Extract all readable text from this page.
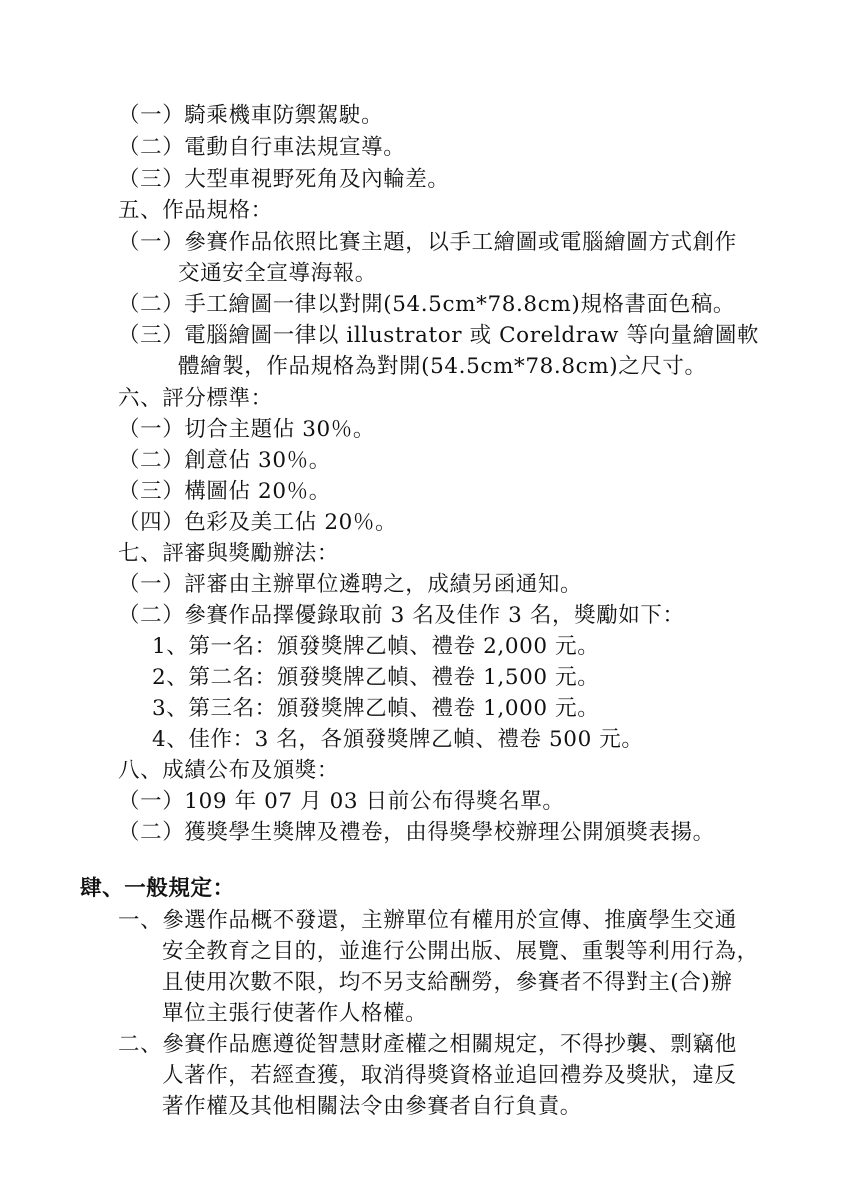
（一）騎乘機車防禦駕駛。
（二）電動自行車法規宣導。
（三）大型車視野死角及內輪差。
五、作品規格：
（一）參賽作品依照比賽主題，以手工繪圖或電腦繪圖方式創作
交通安全宣導海報。
（二）手工繪圖一律以對開(54.5cm*78.8cm)規格書面色稿。
（三）電腦繪圖一律以 illustrator 或 Coreldraw 等向量繪圖軟
體繪製，作品規格為對開(54.5cm*78.8cm)之尺寸。
六、評分標準：
（一）切合主題佔 30％。
（二）創意佔 30％。
（三）構圖佔 20％。
（四）色彩及美工佔 20％。
七、評審與獎勵辦法：
（一）評審由主辦單位遴聘之，成績另函通知。
（二）參賽作品擇優錄取前 3 名及佳作 3 名，獎勵如下：
1、第一名：頒發獎牌乙幀、禮卷 2,000 元。
2、第二名：頒發獎牌乙幀、禮卷 1,500 元。
3、第三名：頒發獎牌乙幀、禮卷 1,000 元。
4、佳作：3 名，各頒發獎牌乙幀、禮卷 500 元。
八、成績公布及頒獎：
（一）109 年 07 月 03 日前公布得獎名單。
（二）獲獎學生獎牌及禮卷，由得獎學校辦理公開頒獎表揚。
肆、一般規定：
一、參選作品概不發還，主辦單位有權用於宣傳、推廣學生交通
安全教育之目的，並進行公開出版、展覽、重製等利用行為，
且使用次數不限，均不另支給酬勞，參賽者不得對主(合)辦
單位主張行使著作人格權。
二、參賽作品應遵從智慧財產權之相關規定，不得抄襲、剽竊他
人著作，若經查獲，取消得獎資格並追回禮券及獎狀，違反
著作權及其他相關法令由參賽者自行負責。
